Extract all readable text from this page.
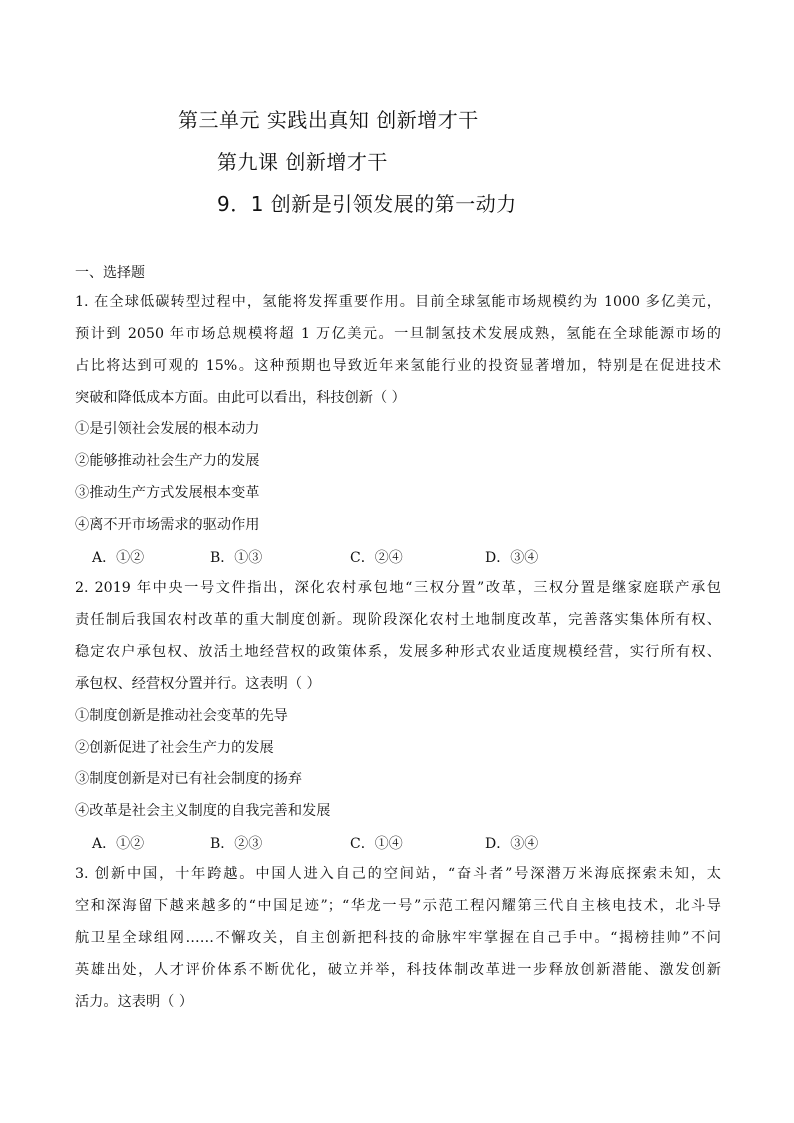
第三单元 实践出真知 创新增才干
第九课 创新增才干
9．1 创新是引领发展的第一动力
一、选择题
1. 在全球低碳转型过程中，氢能将发挥重要作用。目前全球氢能市场规模约为 1000 多亿美元，
预计到 2050 年市场总规模将超 1 万亿美元。一旦制氢技术发展成熟，氢能在全球能源市场的
占比将达到可观的 15%。这种预期也导致近年来氢能行业的投资显著增加，特别是在促进技术
突破和降低成本方面。由此可以看出，科技创新（ ）
①是引领社会发展的根本动力
②能够推动社会生产力的发展
③推动生产方式发展根本变革
④离不开市场需求的驱动作用
A．①②	B．①③	C．②④	D．③④
2. 2019 年中央一号文件指出，深化农村承包地“三权分置”改革，三权分置是继家庭联产承包
责任制后我国农村改革的重大制度创新。现阶段深化农村土地制度改革，完善落实集体所有权、
稳定农户承包权、放活土地经营权的政策体系，发展多种形式农业适度规模经营，实行所有权、
承包权、经营权分置并行。这表明（ ）
①制度创新是推动社会变革的先导
②创新促进了社会生产力的发展
③制度创新是对已有社会制度的扬弃
④改革是社会主义制度的自我完善和发展
A．①②	B．②③	C．①④	D．③④
3. 创新中国，十年跨越。中国人进入自己的空间站，“奋斗者”号深潜万米海底探索未知，太
空和深海留下越来越多的“中国足迹”；“华龙一号”示范工程闪耀第三代自主核电技术，北斗导
航卫星全球组网……不懈攻关，自主创新把科技的命脉牢牢掌握在自己手中。“揭榜挂帅”不问
英雄出处，人才评价体系不断优化，破立并举，科技体制改革进一步释放创新潜能、激发创新
活力。这表明（ ）
